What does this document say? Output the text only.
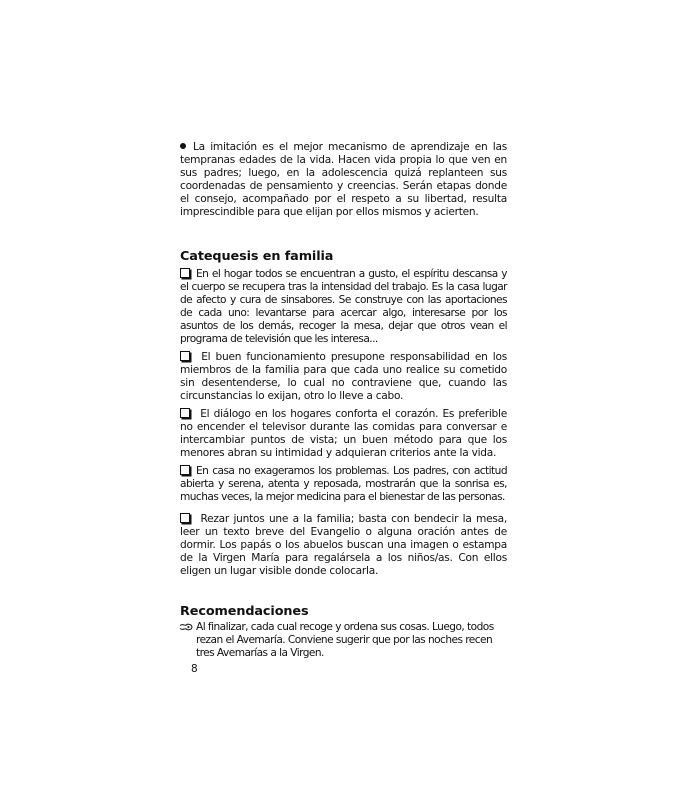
La imitación es el mejor mecanismo de aprendizaje en las tempranas edades de la vida. Hacen vida propia lo que ven en sus padres; luego, en la adolescencia quizá replanteen sus coordenadas de pensamiento y creencias. Serán etapas donde el consejo, acompañado por el respeto a su libertad, resulta imprescindible para que elijan por ellos mismos y acierten.

Catequesis en familia

En el hogar todos se encuentran a gusto, el espíritu descansa y el cuerpo se recupera tras la intensidad del trabajo. Es la casa lugar de afecto y cura de sinsabores. Se construye con las aportaciones de cada uno: levantarse para acercar algo, interesarse por los asuntos de los demás, recoger la mesa, dejar que otros vean el programa de televisión que les interesa...

El buen funcionamiento presupone responsabilidad en los miembros de la familia para que cada uno realice su cometido sin desentenderse, lo cual no contraviene que, cuando las circunstancias lo exijan, otro lo lleve a cabo.

El diálogo en los hogares conforta el corazón. Es preferible no encender el televisor durante las comidas para conversar e intercambiar puntos de vista; un buen método para que los menores abran su intimidad y adquieran criterios ante la vida.

En casa no exageramos los problemas. Los padres, con actitud abierta y serena, atenta y reposada, mostrarán que la sonrisa es, muchas veces, la mejor medicina para el bienestar de las personas.

Rezar juntos une a la familia; basta con bendecir la mesa, leer un texto breve del Evangelio o alguna oración antes de dormir. Los papás o los abuelos buscan una imagen o estampa de la Virgen María para regalársela a los niños/as. Con ellos eligen un lugar visible donde colocarla.

Recomendaciones

Al finalizar, cada cual recoge y ordena sus cosas. Luego, todos rezan el Avemaría. Conviene sugerir que por las noches recen tres Avemarías a la Virgen.

8
